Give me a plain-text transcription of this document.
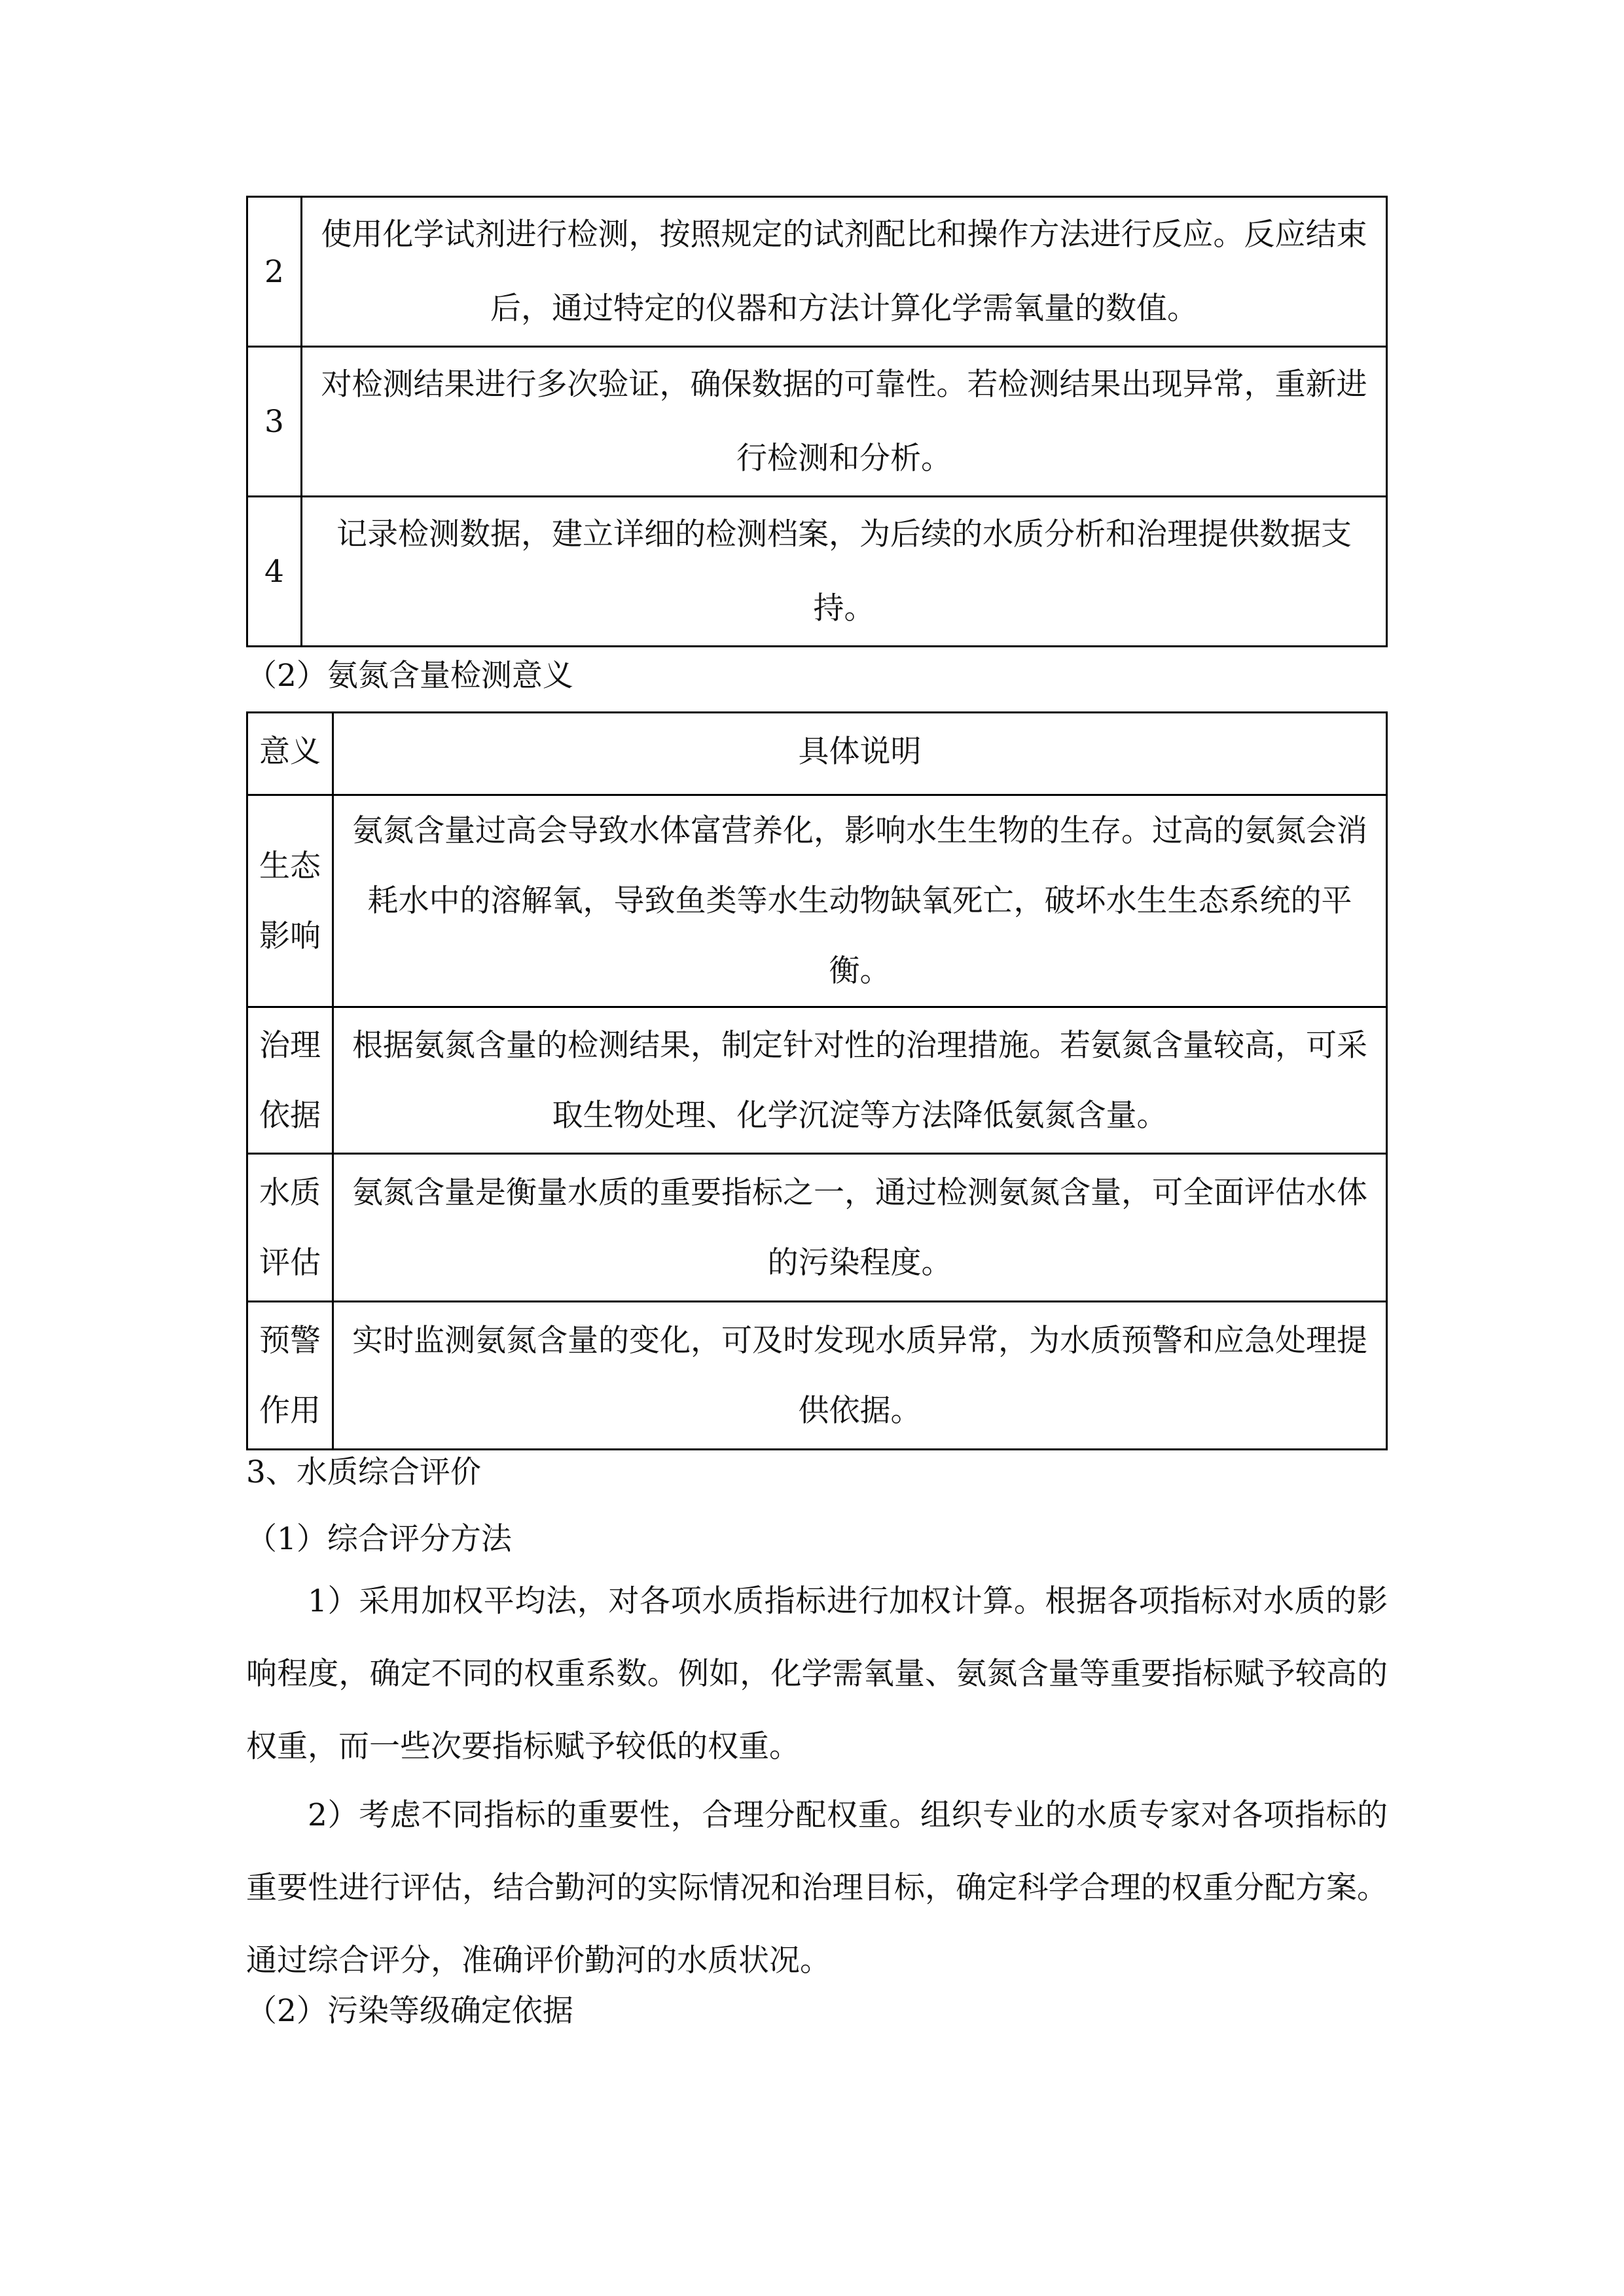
2	使用化学试剂进行检测，按照规定的试剂配比和操作方法进行反应。反应结束后，通过特定的仪器和方法计算化学需氧量的数值。
3	对检测结果进行多次验证，确保数据的可靠性。若检测结果出现异常，重新进行检测和分析。
4	记录检测数据，建立详细的检测档案，为后续的水质分析和治理提供数据支持。
（2）氨氮含量检测意义
意义	具体说明
生态影响	氨氮含量过高会导致水体富营养化，影响水生生物的生存。过高的氨氮会消耗水中的溶解氧，导致鱼类等水生动物缺氧死亡，破坏水生生态系统的平衡。
治理依据	根据氨氮含量的检测结果，制定针对性的治理措施。若氨氮含量较高，可采取生物处理、化学沉淀等方法降低氨氮含量。
水质评估	氨氮含量是衡量水质的重要指标之一，通过检测氨氮含量，可全面评估水体的污染程度。
预警作用	实时监测氨氮含量的变化，可及时发现水质异常，为水质预警和应急处理提供依据。
3、水质综合评价
（1）综合评分方法
1）采用加权平均法，对各项水质指标进行加权计算。根据各项指标对水质的影响程度，确定不同的权重系数。例如，化学需氧量、氨氮含量等重要指标赋予较高的权重，而一些次要指标赋予较低的权重。
2）考虑不同指标的重要性，合理分配权重。组织专业的水质专家对各项指标的重要性进行评估，结合勤河的实际情况和治理目标，确定科学合理的权重分配方案。通过综合评分，准确评价勤河的水质状况。
（2）污染等级确定依据
